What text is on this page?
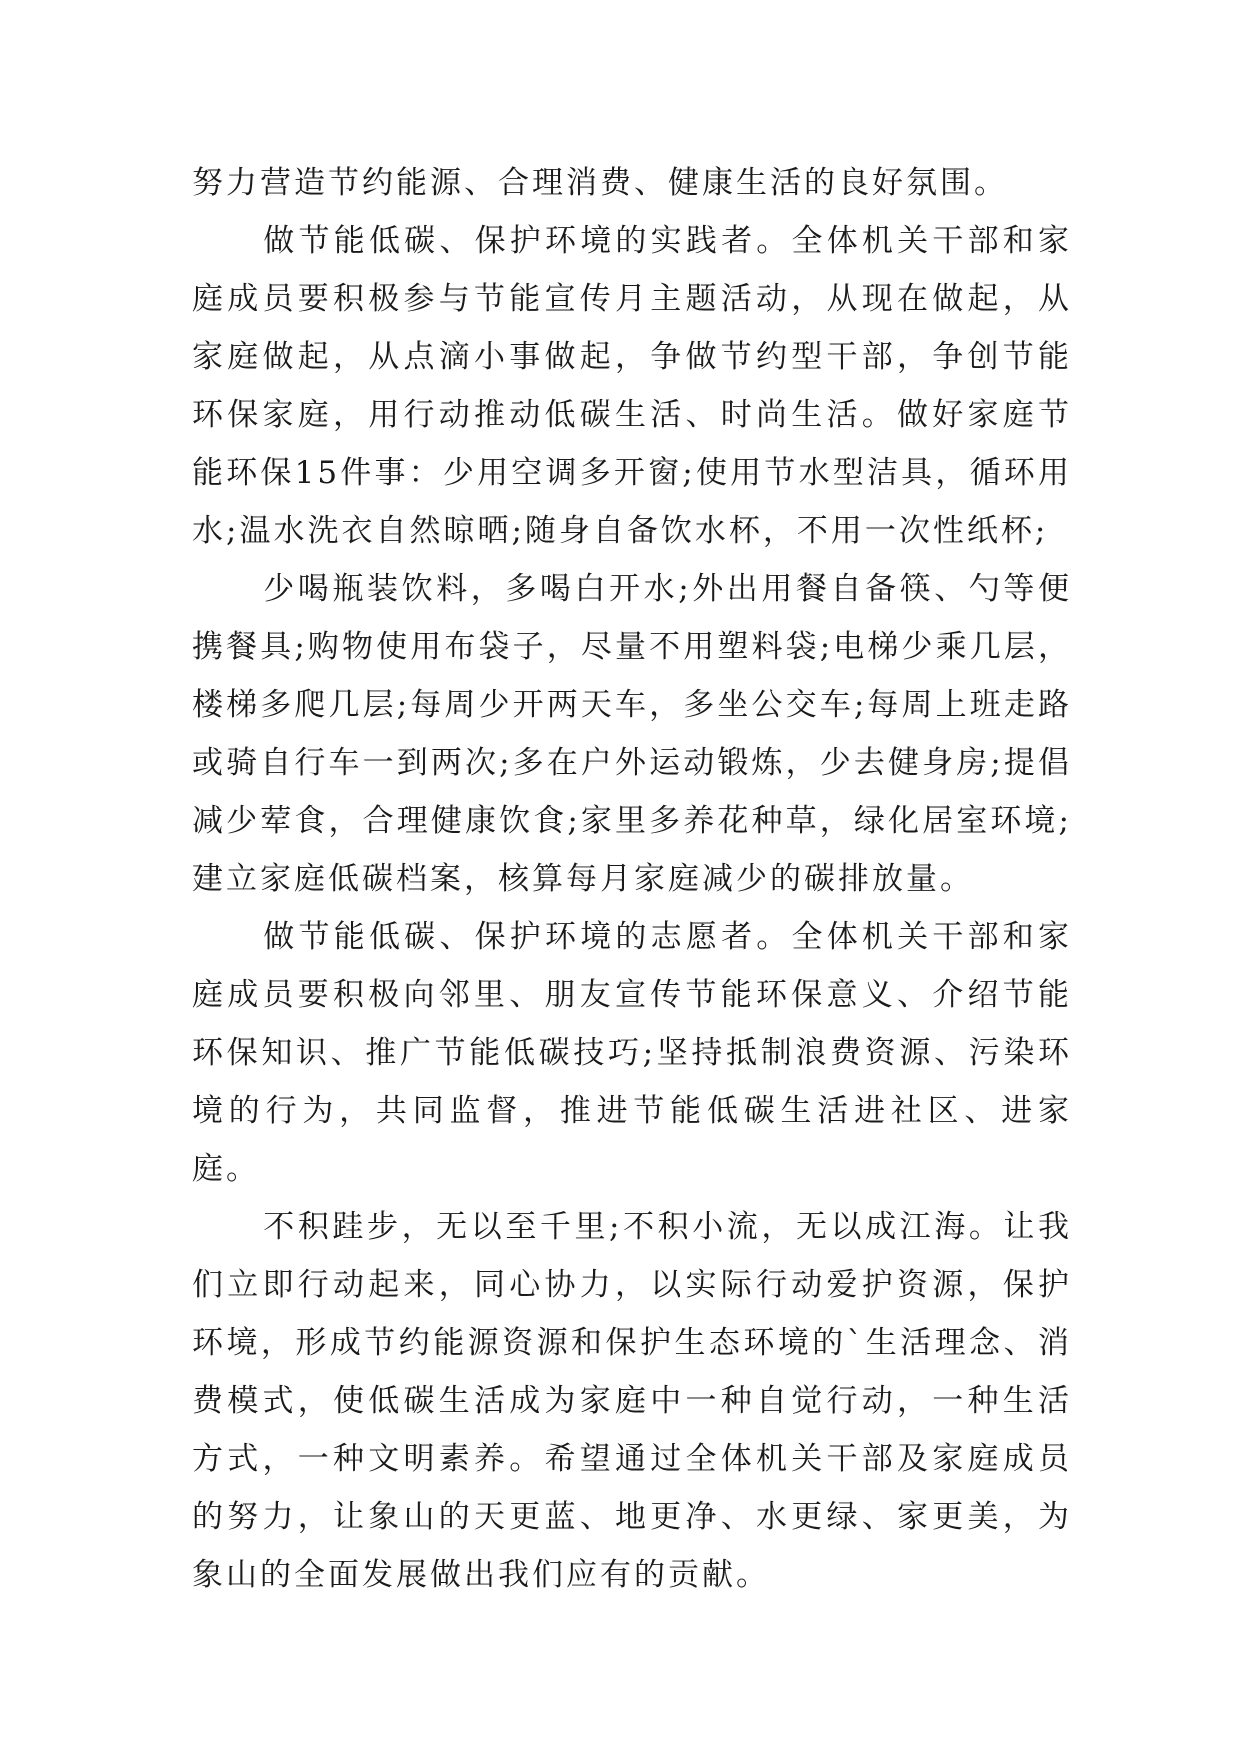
努力营造节约能源、合理消费、健康生活的良好氛围。

做节能低碳、保护环境的实践者。全体机关干部和家庭成员要积极参与节能宣传月主题活动，从现在做起，从家庭做起，从点滴小事做起，争做节约型干部，争创节能环保家庭，用行动推动低碳生活、时尚生活。做好家庭节能环保15件事：少用空调多开窗;使用节水型洁具，循环用水;温水洗衣自然晾晒;随身自备饮水杯，不用一次性纸杯;

少喝瓶装饮料，多喝白开水;外出用餐自备筷、勺等便携餐具;购物使用布袋子，尽量不用塑料袋;电梯少乘几层，楼梯多爬几层;每周少开两天车，多坐公交车;每周上班走路或骑自行车一到两次;多在户外运动锻炼，少去健身房;提倡减少荤食，合理健康饮食;家里多养花种草，绿化居室环境;建立家庭低碳档案，核算每月家庭减少的碳排放量。

做节能低碳、保护环境的志愿者。全体机关干部和家庭成员要积极向邻里、朋友宣传节能环保意义、介绍节能环保知识、推广节能低碳技巧;坚持抵制浪费资源、污染环境的行为，共同监督，推进节能低碳生活进社区、进家庭。

不积跬步，无以至千里;不积小流，无以成江海。让我们立即行动起来，同心协力，以实际行动爱护资源，保护环境，形成节约能源资源和保护生态环境的`生活理念、消费模式，使低碳生活成为家庭中一种自觉行动，一种生活方式，一种文明素养。希望通过全体机关干部及家庭成员的努力，让象山的天更蓝、地更净、水更绿、家更美，为象山的全面发展做出我们应有的贡献。
